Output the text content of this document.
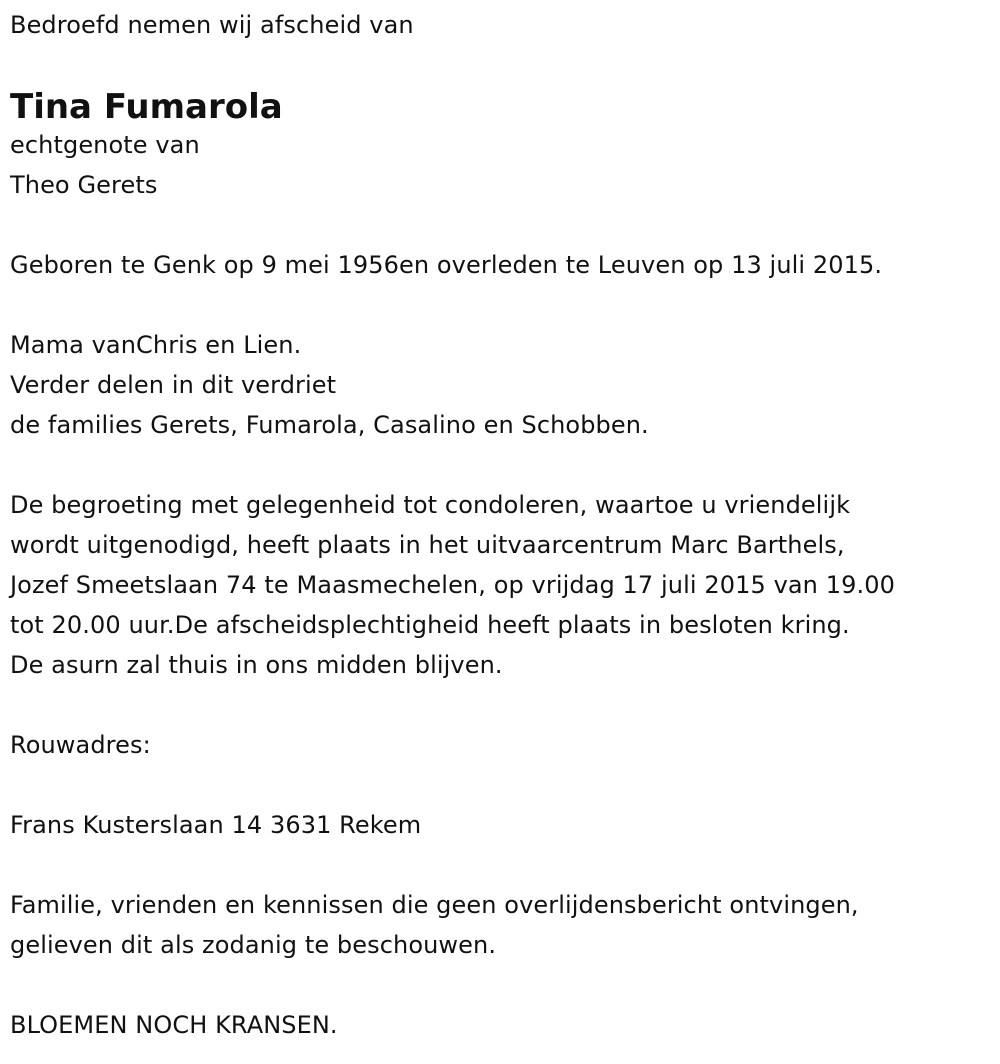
Bedroefd nemen wij afscheid van
Tina Fumarola
echtgenote van
Theo Gerets
Geboren te Genk op 9 mei 1956en overleden te Leuven op 13 juli 2015.
Mama vanChris en Lien.
Verder delen in dit verdriet
de families Gerets, Fumarola, Casalino en Schobben.
De begroeting met gelegenheid tot condoleren, waartoe u vriendelijk
wordt uitgenodigd, heeft plaats in het uitvaarcentrum Marc Barthels,
Jozef Smeetslaan 74 te Maasmechelen, op vrijdag 17 juli 2015 van 19.00
tot 20.00 uur.De afscheidsplechtigheid heeft plaats in besloten kring.
De asurn zal thuis in ons midden blijven.
Rouwadres:
Frans Kusterslaan 14 3631 Rekem
Familie, vrienden en kennissen die geen overlijdensbericht ontvingen,
gelieven dit als zodanig te beschouwen.
BLOEMEN NOCH KRANSEN.
